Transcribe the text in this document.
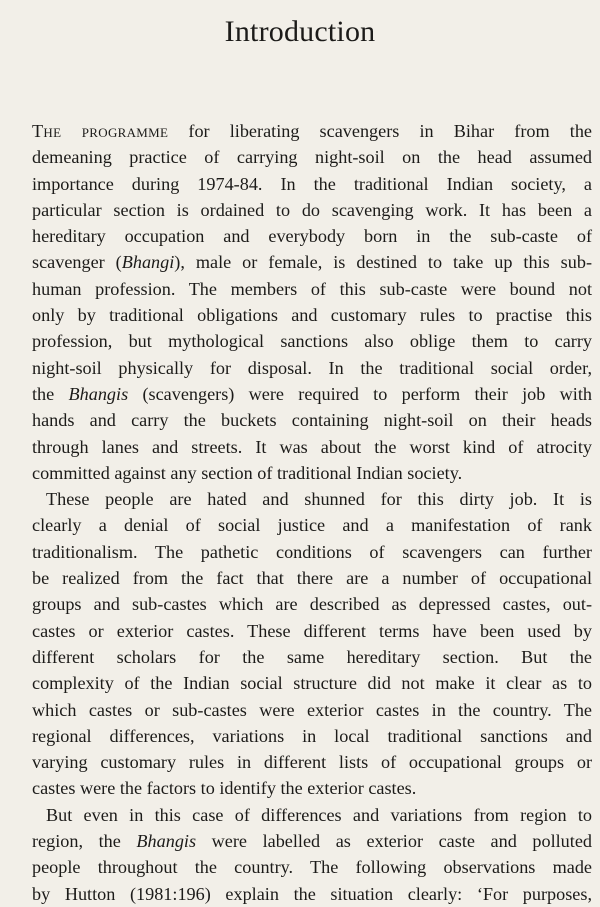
Introduction
The programme for liberating scavengers in Bihar from the
demeaning practice of carrying night-soil on the head assumed
importance during 1974-84. In the traditional Indian society, a
particular section is ordained to do scavenging work. It has been a
hereditary occupation and everybody born in the sub-caste of
scavenger (Bhangi), male or female, is destined to take up this sub-
human profession. The members of this sub-caste were bound not
only by traditional obligations and customary rules to practise this
profession, but mythological sanctions also oblige them to carry
night-soil physically for disposal. In the traditional social order,
the Bhangis (scavengers) were required to perform their job with
hands and carry the buckets containing night-soil on their heads
through lanes and streets. It was about the worst kind of atrocity
committed against any section of traditional Indian society.
These people are hated and shunned for this dirty job. It is
clearly a denial of social justice and a manifestation of rank
traditionalism. The pathetic conditions of scavengers can further
be realized from the fact that there are a number of occupational
groups and sub-castes which are described as depressed castes, out-
castes or exterior castes. These different terms have been used by
different scholars for the same hereditary section. But the
complexity of the Indian social structure did not make it clear as to
which castes or sub-castes were exterior castes in the country. The
regional differences, variations in local traditional sanctions and
varying customary rules in different lists of occupational groups or
castes were the factors to identify the exterior castes.
But even in this case of differences and variations from region to
region, the Bhangis were labelled as exterior caste and polluted
people throughout the country. The following observations made
by Hutton (1981:196) explain the situation clearly: ‘For purposes,
